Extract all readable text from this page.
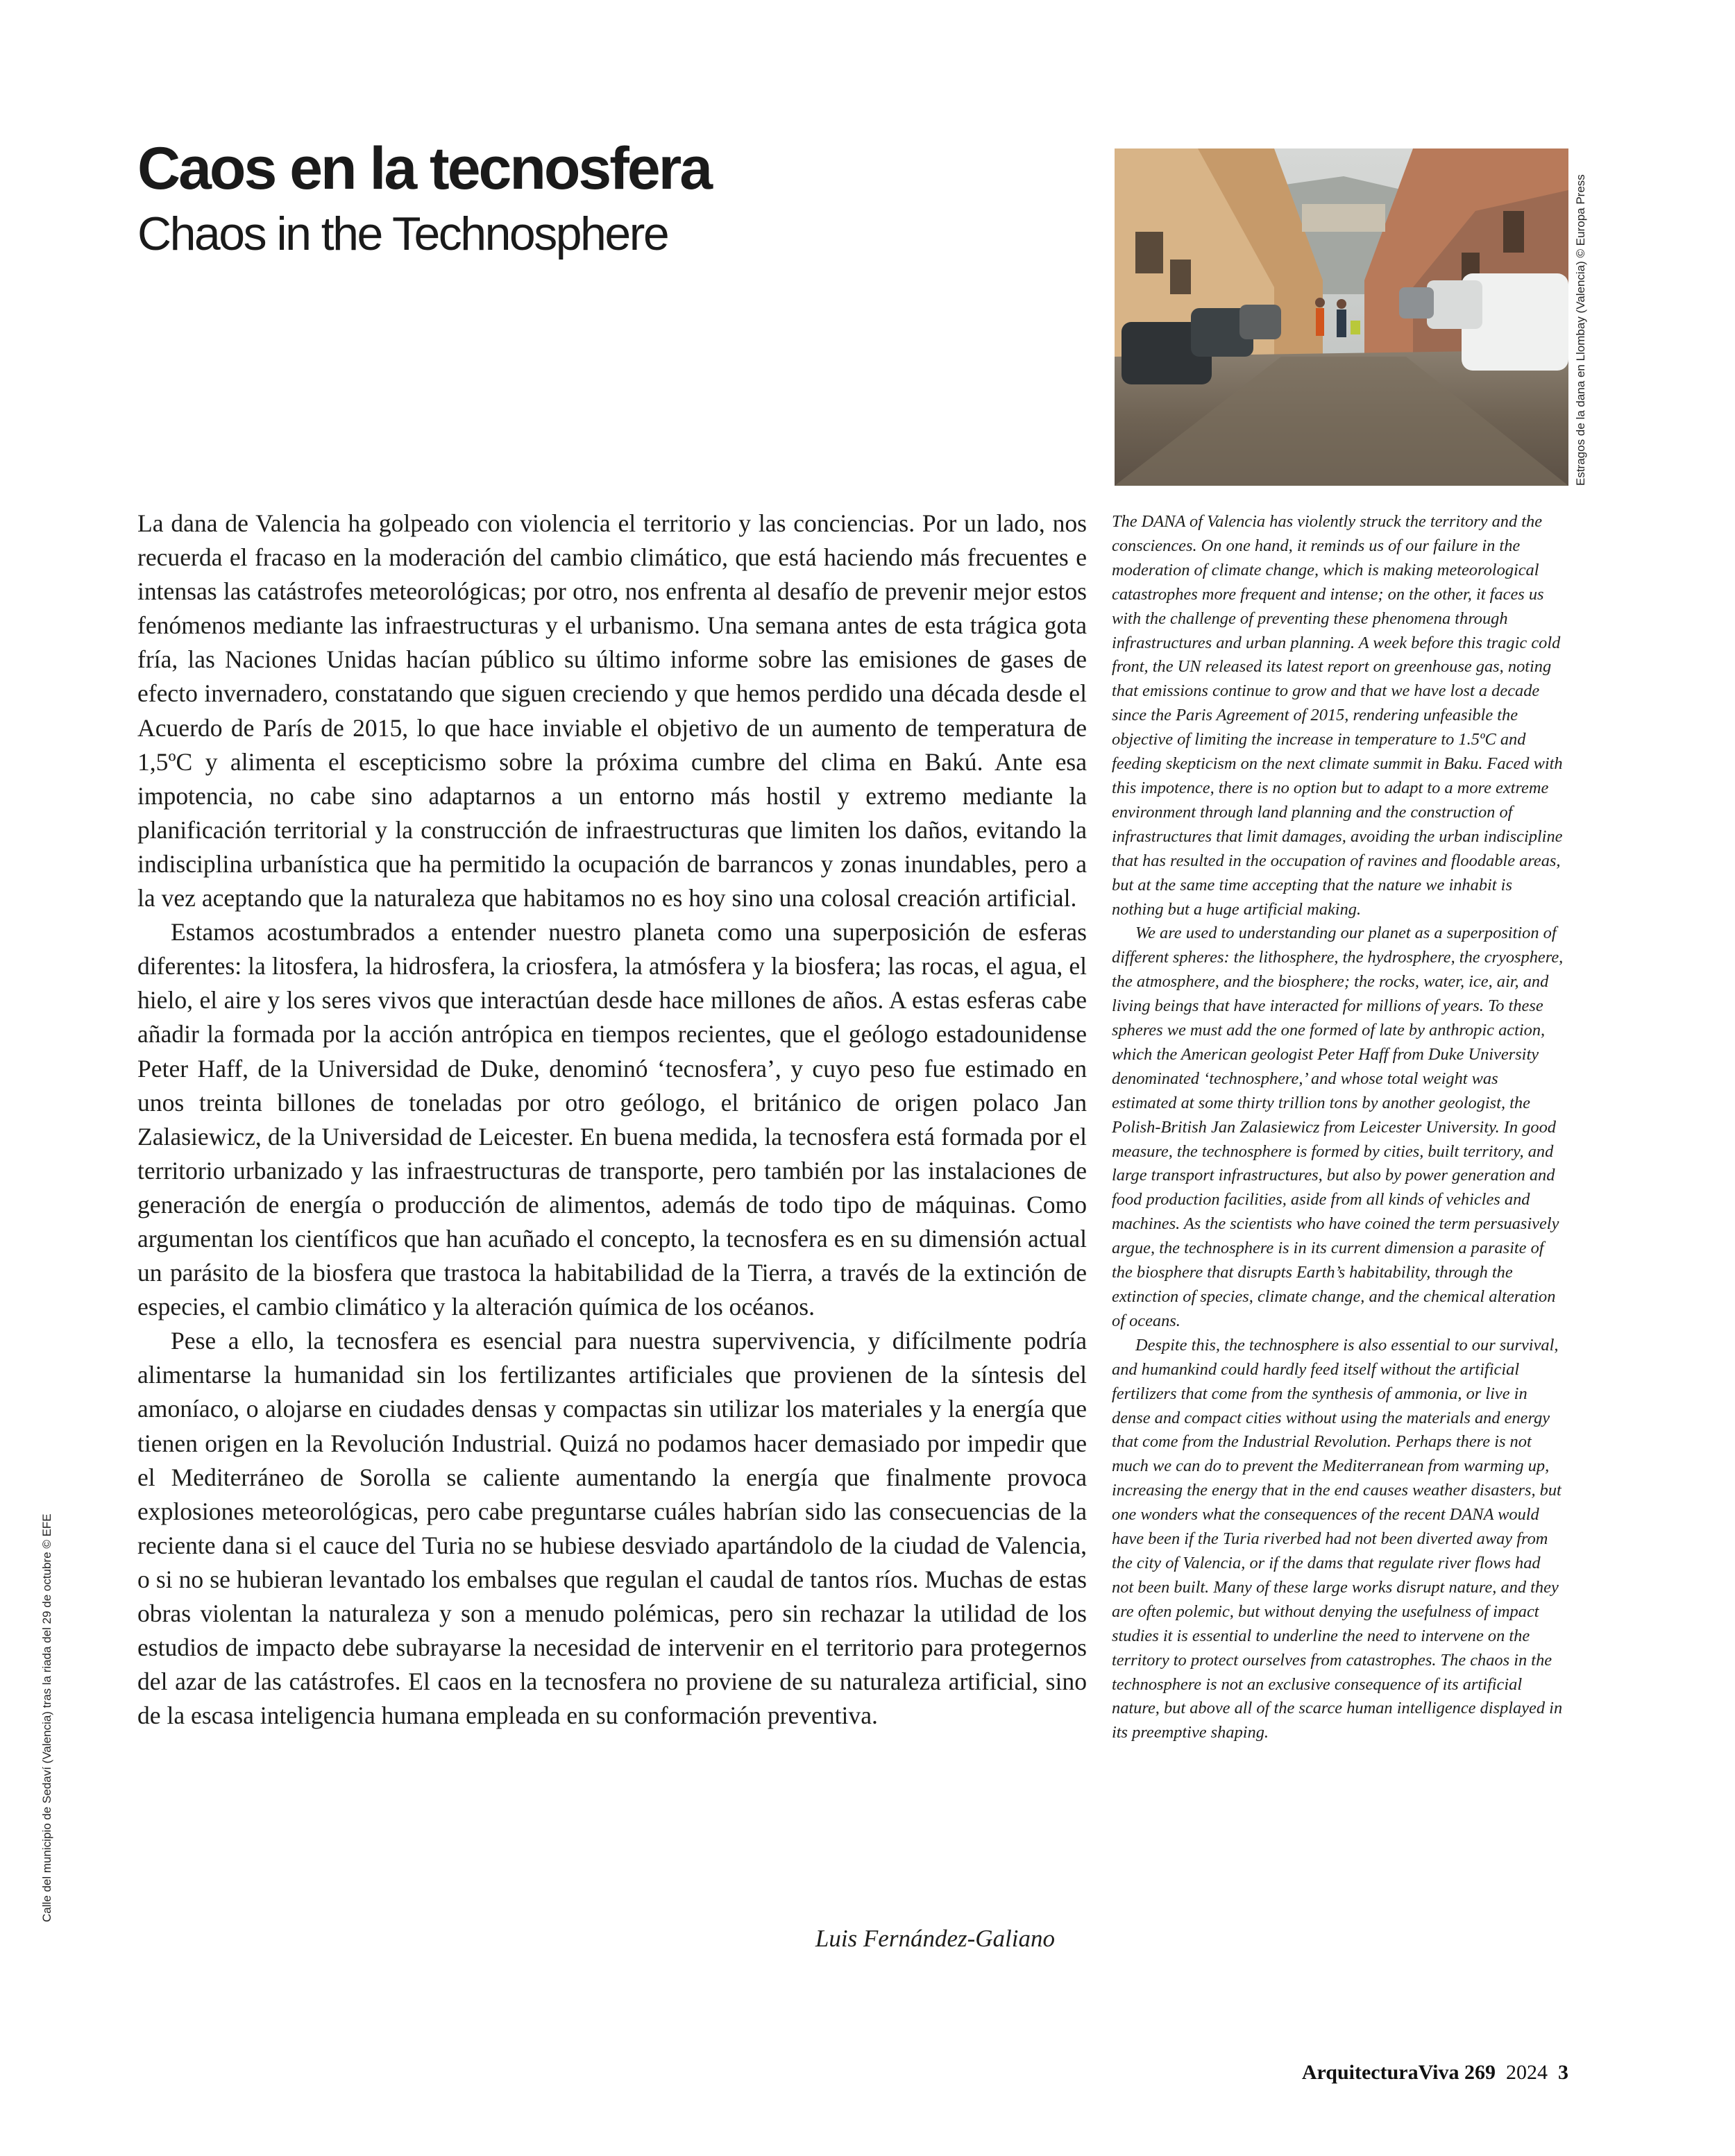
Caos en la tecnosfera
Chaos in the Technosphere	Estragos de la dana en Llombay (Valencia) © Europa Press
Calle del municipio de Sedaví (Valencia) tras la riada del 29 de octubre © EFE

La dana de Valencia ha golpeado con violencia el territorio y las conciencias. Por un lado, nos recuerda el fracaso en la moderación del cambio climático, que está haciendo más frecuentes e intensas las catástrofes meteorológicas; por otro, nos enfrenta al desafío de prevenir mejor estos fenómenos mediante las infraestructuras y el urbanismo. Una semana antes de esta trágica gota fría, las Naciones Unidas hacían público su último informe sobre las emisiones de gases de efecto invernadero, constatando que siguen creciendo y que hemos perdido una década desde el Acuerdo de París de 2015, lo que hace inviable el objetivo de un aumento de temperatura de 1,5ºC y alimenta el escepticismo sobre la próxima cumbre del clima en Bakú. Ante esa impotencia, no cabe sino adaptarnos a un entorno más hostil y extremo mediante la planificación territorial y la construcción de infraestructuras que limiten los daños, evitando la indisciplina urbanística que ha permitido la ocupación de barrancos y zonas inundables, pero a la vez aceptando que la naturaleza que habitamos no es hoy sino una colosal creación artificial.

Estamos acostumbrados a entender nuestro planeta como una superposición de esferas diferentes: la litosfera, la hidrosfera, la criosfera, la atmósfera y la biosfera; las rocas, el agua, el hielo, el aire y los seres vivos que interactúan desde hace millones de años. A estas esferas cabe añadir la formada por la acción antrópica en tiempos recientes, que el geólogo estadounidense Peter Haff, de la Universidad de Duke, denominó ‘tecnosfera’, y cuyo peso fue estimado en unos treinta billones de toneladas por otro geólogo, el británico de origen polaco Jan Zalasiewicz, de la Universidad de Leicester. En buena medida, la tecnosfera está formada por el territorio urbanizado y las infraestructuras de transporte, pero también por las instalaciones de generación de energía o producción de alimentos, además de todo tipo de máquinas. Como argumentan los científicos que han acuñado el concepto, la tecnosfera es en su dimensión actual un parásito de la biosfera que trastoca la habitabilidad de la Tierra, a través de la extinción de especies, el cambio climático y la alteración química de los océanos.

Pese a ello, la tecnosfera es esencial para nuestra supervivencia, y difícilmente podría alimentarse la humanidad sin los fertilizantes artificiales que provienen de la síntesis del amoníaco, o alojarse en ciudades densas y compactas sin utilizar los materiales y la energía que tienen origen en la Revolución Industrial. Quizá no podamos hacer demasiado por impedir que el Mediterráneo de Sorolla se caliente aumentando la energía que finalmente provoca explosiones meteorológicas, pero cabe preguntarse cuáles habrían sido las consecuencias de la reciente dana si el cauce del Turia no se hubiese desviado apartándolo de la ciudad de Valencia, o si no se hubieran levantado los embalses que regulan el caudal de tantos ríos. Muchas de estas obras violentan la naturaleza y son a menudo polémicas, pero sin rechazar la utilidad de los estudios de impacto debe subrayarse la necesidad de intervenir en el territorio para protegernos del azar de las catástrofes. El caos en la tecnosfera no proviene de su naturaleza artificial, sino de la escasa inteligencia humana empleada en su conformación preventiva.

Luis Fernández-Galiano

The DANA of Valencia has violently struck the territory and the consciences. On one hand, it reminds us of our failure in the moderation of climate change, which is making meteorological catastrophes more frequent and intense; on the other, it faces us with the challenge of preventing these phenomena through infrastructures and urban planning. A week before this tragic cold front, the UN released its latest report on greenhouse gas, noting that emissions continue to grow and that we have lost a decade since the Paris Agreement of 2015, rendering unfeasible the objective of limiting the increase in temperature to 1.5ºC and feeding skepticism on the next climate summit in Baku. Faced with this impotence, there is no option but to adapt to a more extreme environment through land planning and the construction of infrastructures that limit damages, avoiding the urban indiscipline that has resulted in the occupation of ravines and floodable areas, but at the same time accepting that the nature we inhabit is nothing but a huge artificial making.

We are used to understanding our planet as a superposition of different spheres: the lithosphere, the hydrosphere, the cryosphere, the atmosphere, and the biosphere; the rocks, water, ice, air, and living beings that have interacted for millions of years. To these spheres we must add the one formed of late by anthropic action, which the American geologist Peter Haff from Duke University denominated ‘technosphere,’ and whose total weight was estimated at some thirty trillion tons by another geologist, the Polish-British Jan Zalasiewicz from Leicester University. In good measure, the technosphere is formed by cities, built territory, and large transport infrastructures, but also by power generation and food production facilities, aside from all kinds of vehicles and machines. As the scientists who have coined the term persuasively argue, the technosphere is in its current dimension a parasite of the biosphere that disrupts Earth’s habitability, through the extinction of species, climate change, and the chemical alteration of oceans.

Despite this, the technosphere is also essential to our survival, and humankind could hardly feed itself without the artificial fertilizers that come from the synthesis of ammonia, or live in dense and compact cities without using the materials and energy that come from the Industrial Revolution. Perhaps there is not much we can do to prevent the Mediterranean from warming up, increasing the energy that in the end causes weather disasters, but one wonders what the consequences of the recent DANA would have been if the Turia riverbed had not been diverted away from the city of Valencia, or if the dams that regulate river flows had not been built. Many of these large works disrupt nature, and they are often polemic, but without denying the usefulness of impact studies it is essential to underline the need to intervene on the territory to protect ourselves from catastrophes. The chaos in the technosphere is not an exclusive consequence of its artificial nature, but above all of the scarce human intelligence displayed in its preemptive shaping.

ArquitecturaViva 269 2024 3
